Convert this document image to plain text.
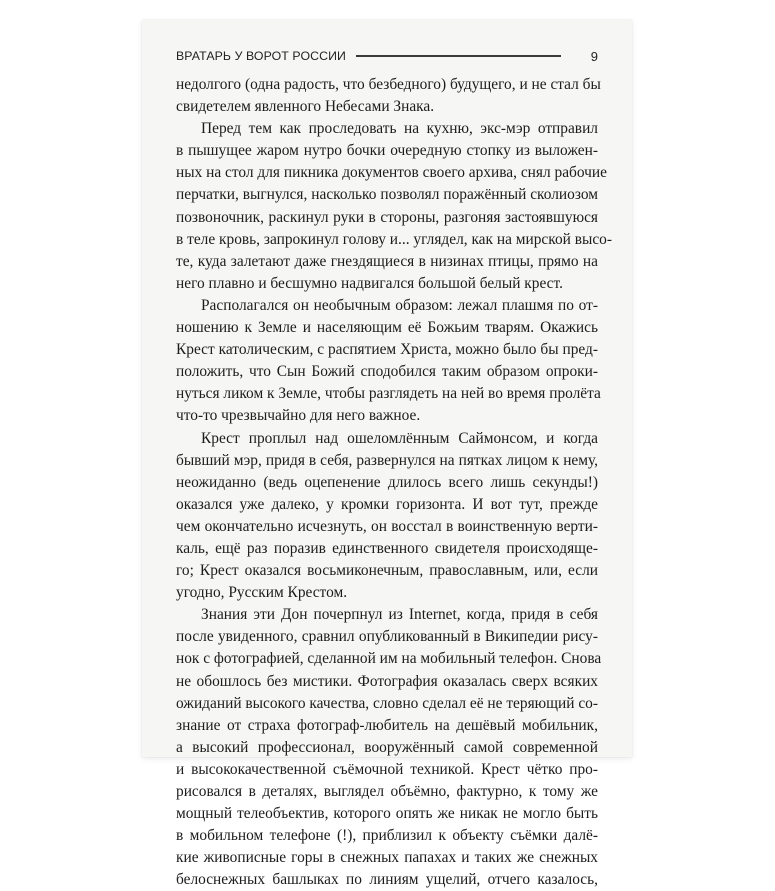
ВРАТАРЬ У ВОРОТ РОССИИ	9

недолгого (одна радость, что безбедного) будущего, и не стал бы
свидетелем явленного Небесами Знака.

Перед тем как проследовать на кухню, экс-мэр отправил
в пышущее жаром нутро бочки очередную стопку из выложен-
ных на стол для пикника документов своего архива, снял рабочие
перчатки, выгнулся, насколько позволял поражённый сколиозом
позвоночник, раскинул руки в стороны, разгоняя застоявшуюся
в теле кровь, запрокинул голову и... углядел, как на мирской высо-
те, куда залетают даже гнездящиеся в низинах птицы, прямо на
него плавно и бесшумно надвигался большой белый крест.

Располагался он необычным образом: лежал плашмя по от-
ношению к Земле и населяющим её Божьим тварям. Окажись
Крест католическим, с распятием Христа, можно было бы пред-
положить, что Сын Божий сподобился таким образом опроки-
нуться ликом к Земле, чтобы разглядеть на ней во время пролёта
что-то чрезвычайно для него важное.

Крест проплыл над ошеломлённым Саймонсом, и когда
бывший мэр, придя в себя, развернулся на пятках лицом к нему,
неожиданно (ведь оцепенение длилось всего лишь секунды!)
оказался уже далеко, у кромки горизонта. И вот тут, прежде
чем окончательно исчезнуть, он восстал в воинственную верти-
каль, ещё раз поразив единственного свидетеля происходяще-
го; Крест оказался восьмиконечным, православным, или, если
угодно, Русским Крестом.

Знания эти Дон почерпнул из Internet, когда, придя в себя
после увиденного, сравнил опубликованный в Википедии рису-
нок с фотографией, сделанной им на мобильный телефон. Снова
не обошлось без мистики. Фотография оказалась сверх всяких
ожиданий высокого качества, словно сделал её не теряющий со-
знание от страха фотограф-любитель на дешёвый мобильник,
а высокий профессионал, вооружённый самой современной
и высококачественной съёмочной техникой. Крест чётко про-
рисовался в деталях, выглядел объёмно, фактурно, к тому же
мощный телеобъектив, которого опять же никак не могло быть
в мобильном телефоне (!), приблизил к объекту съёмки далё-
кие живописные горы в снежных папахах и таких же снежных
белоснежных башлыках по линиям ущелий, отчего казалось,
